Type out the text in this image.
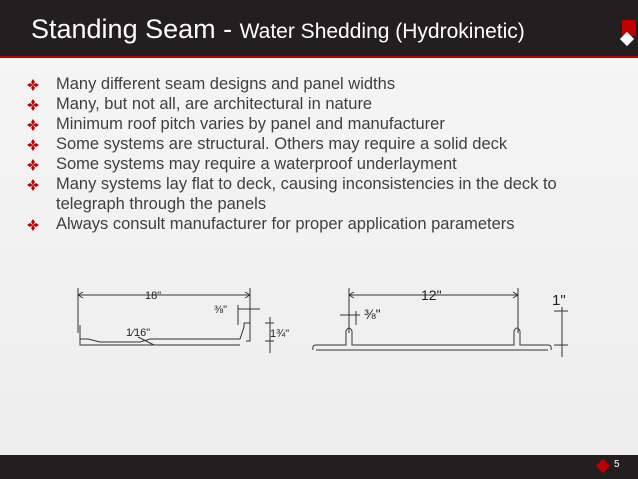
Standing Seam - Water Shedding (Hydrokinetic)
Many different seam designs and panel widths
Many, but not all, are architectural in nature
Minimum roof pitch varies by panel and manufacturer
Some systems are structural. Others may require a solid deck
Some systems may require a waterproof underlayment
Many systems lay flat to deck, causing inconsistencies in the deck to telegraph through the panels
Always consult manufacturer for proper application parameters
18"
⅜"
1⁄16"	1¾"
12"
⅜"
1"
5
